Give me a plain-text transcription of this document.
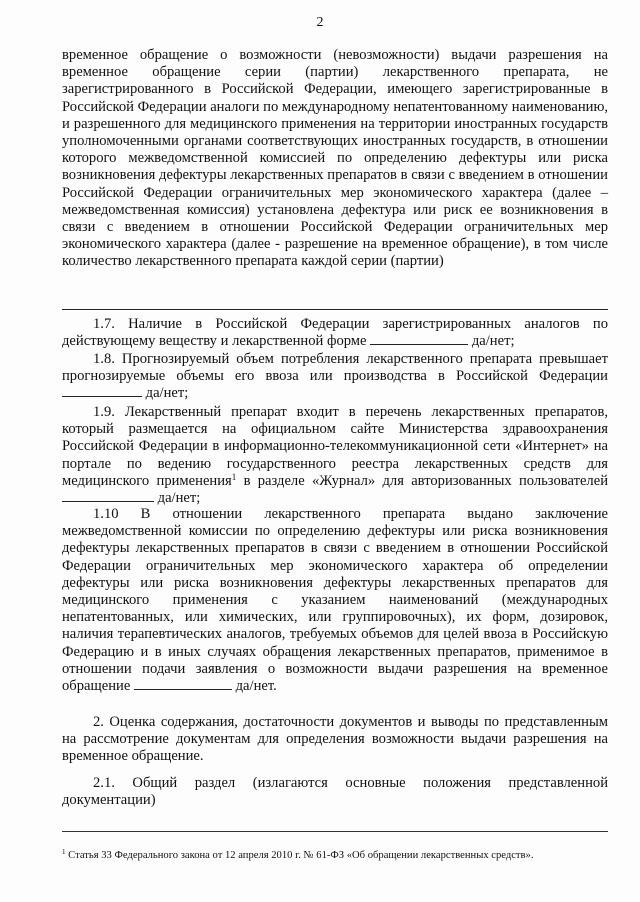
2

временное обращение о возможности (невозможности) выдачи разрешения на временное обращение серии (партии) лекарственного препарата, не зарегистрированного в Российской Федерации, имеющего зарегистрированные в Российской Федерации аналоги по международному непатентованному наименованию, и разрешенного для медицинского применения на территории иностранных государств уполномоченными органами соответствующих иностранных государств, в отношении которого межведомственной комиссией по определению дефектуры или риска возникновения дефектуры лекарственных препаратов в связи с введением в отношении Российской Федерации ограничительных мер экономического характера (далее – межведомственная комиссия) установлена дефектура или риск ее возникновения в связи с введением в отношении Российской Федерации ограничительных мер экономического характера (далее - разрешение на временное обращение), в том числе количество лекарственного препарата каждой серии (партии)

1.7. Наличие в Российской Федерации зарегистрированных аналогов по действующему веществу и лекарственной форме	да/нет;

1.8. Прогнозируемый объем потребления лекарственного препарата превышает прогнозируемые объемы его ввоза или производства в Российской Федерации  да/нет;

1.9. Лекарственный препарат входит в перечень лекарственных препаратов, который размещается на официальном сайте Министерства здравоохранения Российской Федерации в информационно-телекоммуникационной сети «Интернет» на портале по ведению государственного реестра лекарственных средств для медицинского применения$^1$ в разделе «Журнал» для авторизованных пользователей  да/нет;

1.10 В отношении лекарственного препарата выдано заключение межведомственной комиссии по определению дефектуры или риска возникновения дефектуры лекарственных препаратов в связи с введением в отношении Российской Федерации ограничительных мер экономического характера об определении дефектуры или риска возникновения дефектуры лекарственных препаратов для медицинского применения с указанием наименований (международных непатентованных, или химических, или группировочных), их форм, дозировок, наличия терапевтических аналогов, требуемых объемов для целей ввоза в Российскую Федерацию и в иных случаях обращения лекарственных препаратов, применимое в отношении подачи заявления о возможности выдачи разрешения на временное обращение	да/нет.

2. Оценка содержания, достаточности документов и выводы по представленным на рассмотрение документам для определения возможности выдачи разрешения на временное обращение.

2.1. Общий раздел (излагаются основные положения представленной документации)

$^1$ Статья 33 Федерального закона от 12 апреля 2010 г. № 61-ФЗ «Об обращении лекарственных средств».
